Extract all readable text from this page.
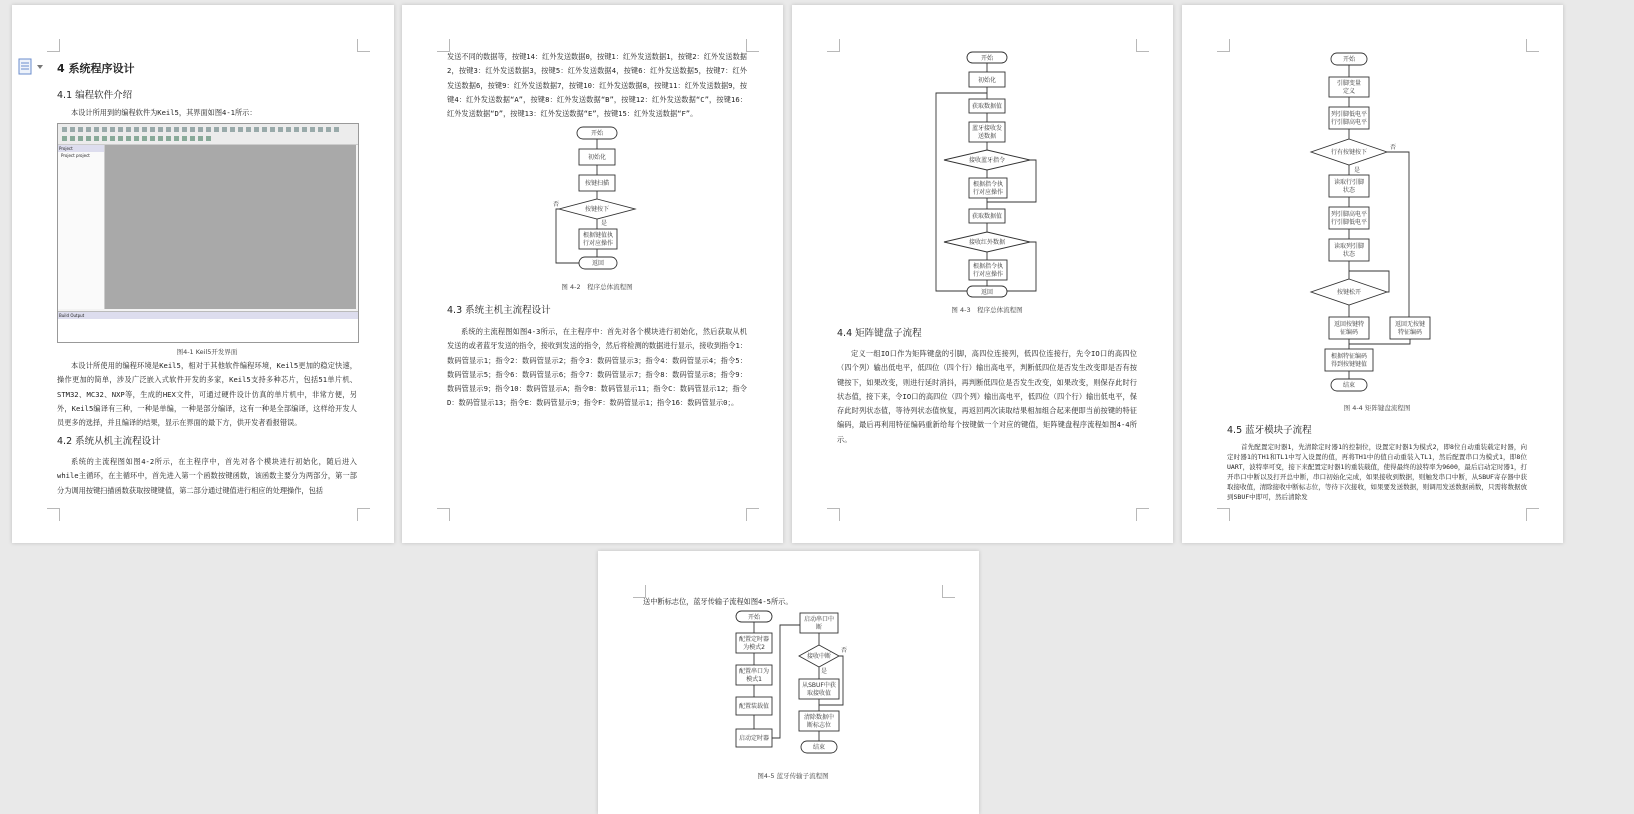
4 系统程序设计
4.1 编程软件介绍
本设计所用到的编程软件为Keil5，其界面如图4-1所示：
Project
Project project
Build Output
图4-1 Keil5开发界面
本设计所使用的编程环境是Keil5，相对于其他软件编程环境，Keil5更加的稳定快速，操作更加的简单，涉及广泛嵌入式软件开发的多家，Keil5支持多种芯片，包括51单片机、STM32、MC32、NXP等，生成的HEX文件，可通过硬件设计仿真的单片机中，非常方便，另外，Keil5编译有三种，一种是单编，一种是部分编译，这有一种是全部编译，这样给开发人员更多的选择，并且编译的结果，显示在界面的最下方，供开发者看报错误。
4.2 系统从机主流程设计
系统的主流程图如图4-2所示，在主程序中，首先对各个模块进行初始化，随后进入while主循环，在主循环中，首先进入第一个函数按键函数，该函数主要分为两部分，第一部分为调用按键扫描函数获取按键键值，第二部分通过键值进行相应的处理操作，包括
发送不同的数据等，按键14：红外发送数据0，按键1：红外发送数据1，按键2：红外发送数据2，按键3：红外发送数据3，按键5：红外发送数据4，按键6：红外发送数据5，按键7：红外发送数据6，按键9：红外发送数据7，按键10：红外发送数据8，按键11：红外发送数据9，按键4：红外发送数据“A”，按键8：红外发送数据“B”，按键12：红外发送数据“C”，按键16：红外发送数据“D”，按键13：红外发送数据“E”，按键15：红外发送数据“F”。
开始
初始化
按键扫描
按键按下
是
否
根据键值执
行对应操作
返回
图 4-2　程序总体流程图
4.3 系统主机主流程设计
系统的主流程图如图4-3所示，在主程序中：首先对各个模块进行初始化，然后获取从机发送的或者蓝牙发送的指令，接收到发送的指令，然后将检测的数据进行显示，接收到指令1：数码管显示1；指令2：数码管显示2；指令3：数码管显示3；指令4：数码管显示4；指令5：数码管显示5；指令6：数码管显示6；指令7：数码管显示7；指令8：数码管显示8；指令9：数码管显示9；指令10：数码管显示A；指令B：数码管显示11；指令C：数码管显示12；指令D：数码管显示13；指令E：数码管显示9；指令F：数码管显示1；指令16：数码管显示0；。
开始
初始化
获取数据值
蓝牙接收发
送数据
接收蓝牙指令
根据指令执
行对应操作
获取数据值
接收红外数据
根据指令执
行对应操作
返回
图 4-3　程序总体流程图
4.4 矩阵键盘子流程
定义一组IO口作为矩阵键盘的引脚，高四位连接列，低四位连接行，先令IO口的高四位（四个列）输出低电平，低四位（四个行）输出高电平，判断低四位是否发生改变即是否有按键按下，如果改变，则进行延时消抖，再判断低四位是否发生改变，如果改变，则保存此时行状态值，接下来，令IO口的高四位（四个列）输出高电平，低四位（四个行）输出低电平，保存此时列状态值，等待列状态值恢复，再返回两次读取结果相加组合起来便即当前按键的特征编码，最后再利用特征编码重新给每个按键做一个对应的键值，矩阵键盘程序流程如图4-4所示。
开始
引脚变量
定义
列引脚低电平
行引脚高电平
行有按键按下
是
否
读取行引脚
状态
列引脚高电平
行引脚低电平
读取列引脚
状态
按键松开
返回按键特
征编码
返回无按键
特征编码
根据特征编码
得到按键键值
结束
图 4-4 矩阵键盘流程图
4.5 蓝牙模块子流程
首先配置定时器1，先清除定时器1的控制位，设置定时器1为模式2，即8位自动重装载定时器，向定时器1的TH1和TL1中写入设置的值，再将TH1中的值自动重装入TL1，然后配置串口为模式1，即8位UART，波特率可变，接下来配置定时器1的重装载值，使得最终的波特率为9600，最后启动定时器1，打开串口中断以及打开总中断，串口初始化完成，如果接收到数据，则触发串口中断，从SBUF寄存器中获取接收值，清除接收中断标志位，等待下次接收，如果要发送数据，则调用发送数据函数，只需将数据放到SBUF中即可，然后清除发
送中断标志位，蓝牙传输子流程如图4-5所示。
开始
配置定时器
为模式2
配置串口为
模式1
配置装载值
启动定时器
启动串口中
断
接收中断
否
是
从SBUF中获
取接收值
清除数据中
断标志位
结束
图4-5 蓝牙传输子流程图
